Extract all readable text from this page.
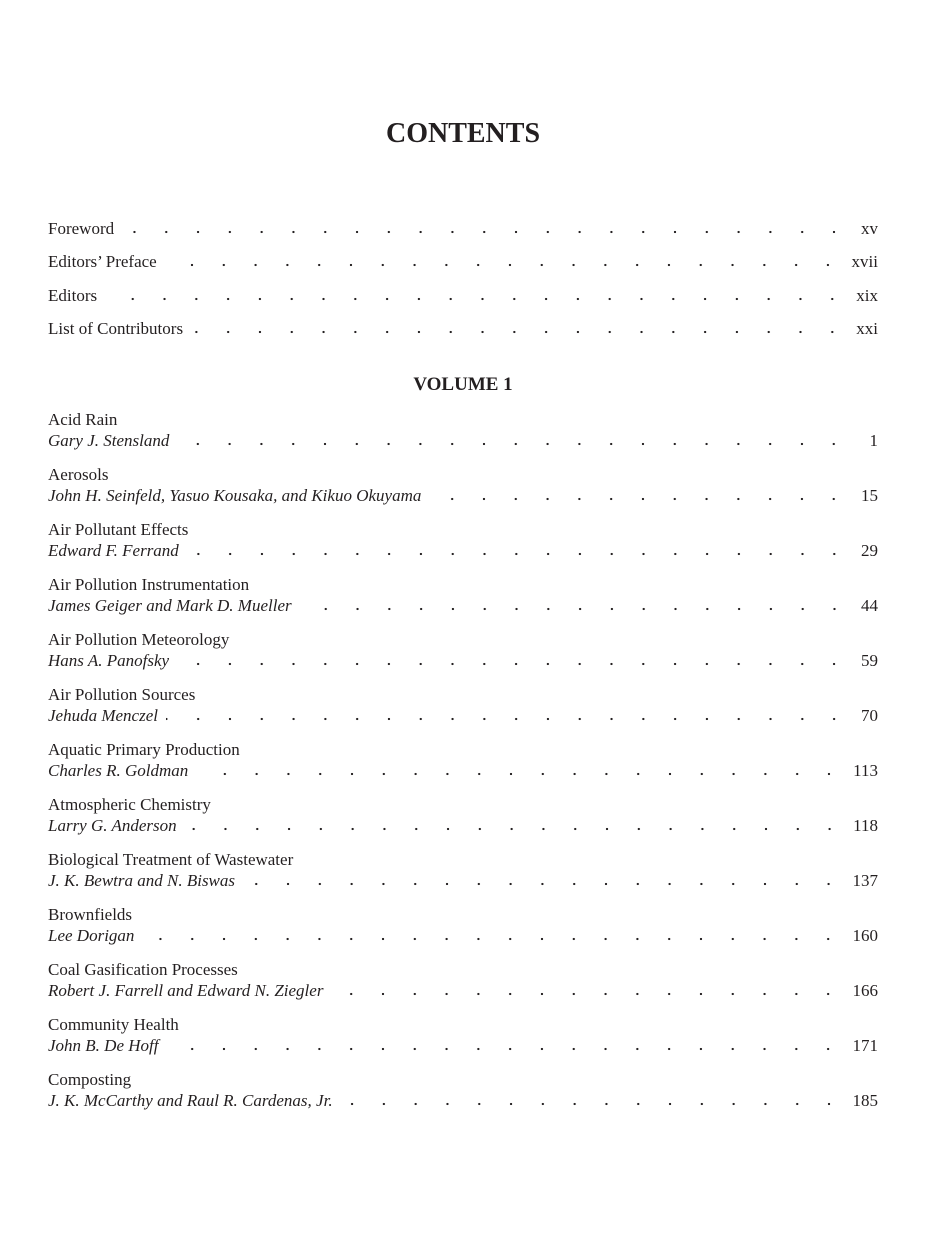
CONTENTS
Foreword	xv
Editors’ Preface	xvii
Editors	xix
List of Contributors	xxi
VOLUME 1
Acid Rain
Gary J. Stensland	1
Aerosols
John H. Seinfeld, Yasuo Kousaka, and Kikuo Okuyama	15
Air Pollutant Effects
Edward F. Ferrand	29
Air Pollution Instrumentation
James Geiger and Mark D. Mueller	44
Air Pollution Meteorology
Hans A. Panofsky	59
Air Pollution Sources
Jehuda Menczel	70
Aquatic Primary Production
Charles R. Goldman	113
Atmospheric Chemistry
Larry G. Anderson	118
Biological Treatment of Wastewater
J. K. Bewtra and N. Biswas	137
Brownfields
Lee Dorigan	160
Coal Gasification Processes
Robert J. Farrell and Edward N. Ziegler	166
Community Health
John B. De Hoff	171
Composting
J. K. McCarthy and Raul R. Cardenas, Jr.	185
